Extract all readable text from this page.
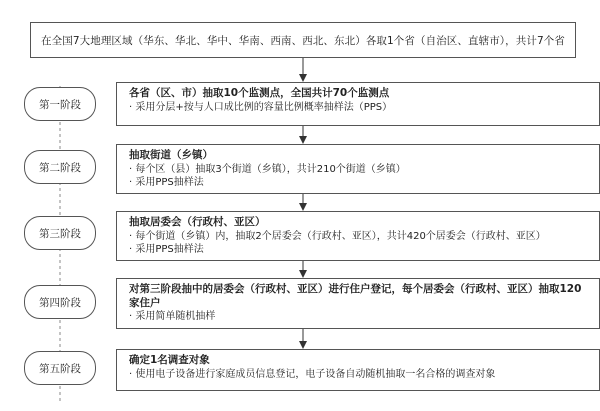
在全国7大地理区域（华东、华北、华中、华南、西南、西北、东北）各取1个省（自治区、直辖市），共计7个省
第一阶段
各省（区、市）抽取10个监测点，全国共计70个监测点
· 采用分层+按与人口成比例的容量比例概率抽样法（PPS）
第二阶段
抽取街道（乡镇）
· 每个区（县）抽取3个街道（乡镇），共计210个街道（乡镇）
· 采用PPS抽样法
第三阶段
抽取居委会（行政村、亚区）
· 每个街道（乡镇）内，抽取2个居委会（行政村、亚区），共计420个居委会（行政村、亚区）
· 采用PPS抽样法
第四阶段
对第三阶段抽中的居委会（行政村、亚区）进行住户登记，每个居委会（行政村、亚区）抽取120家住户
· 采用简单随机抽样
第五阶段
确定1名调查对象
· 使用电子设备进行家庭成员信息登记，电子设备自动随机抽取一名合格的调查对象
